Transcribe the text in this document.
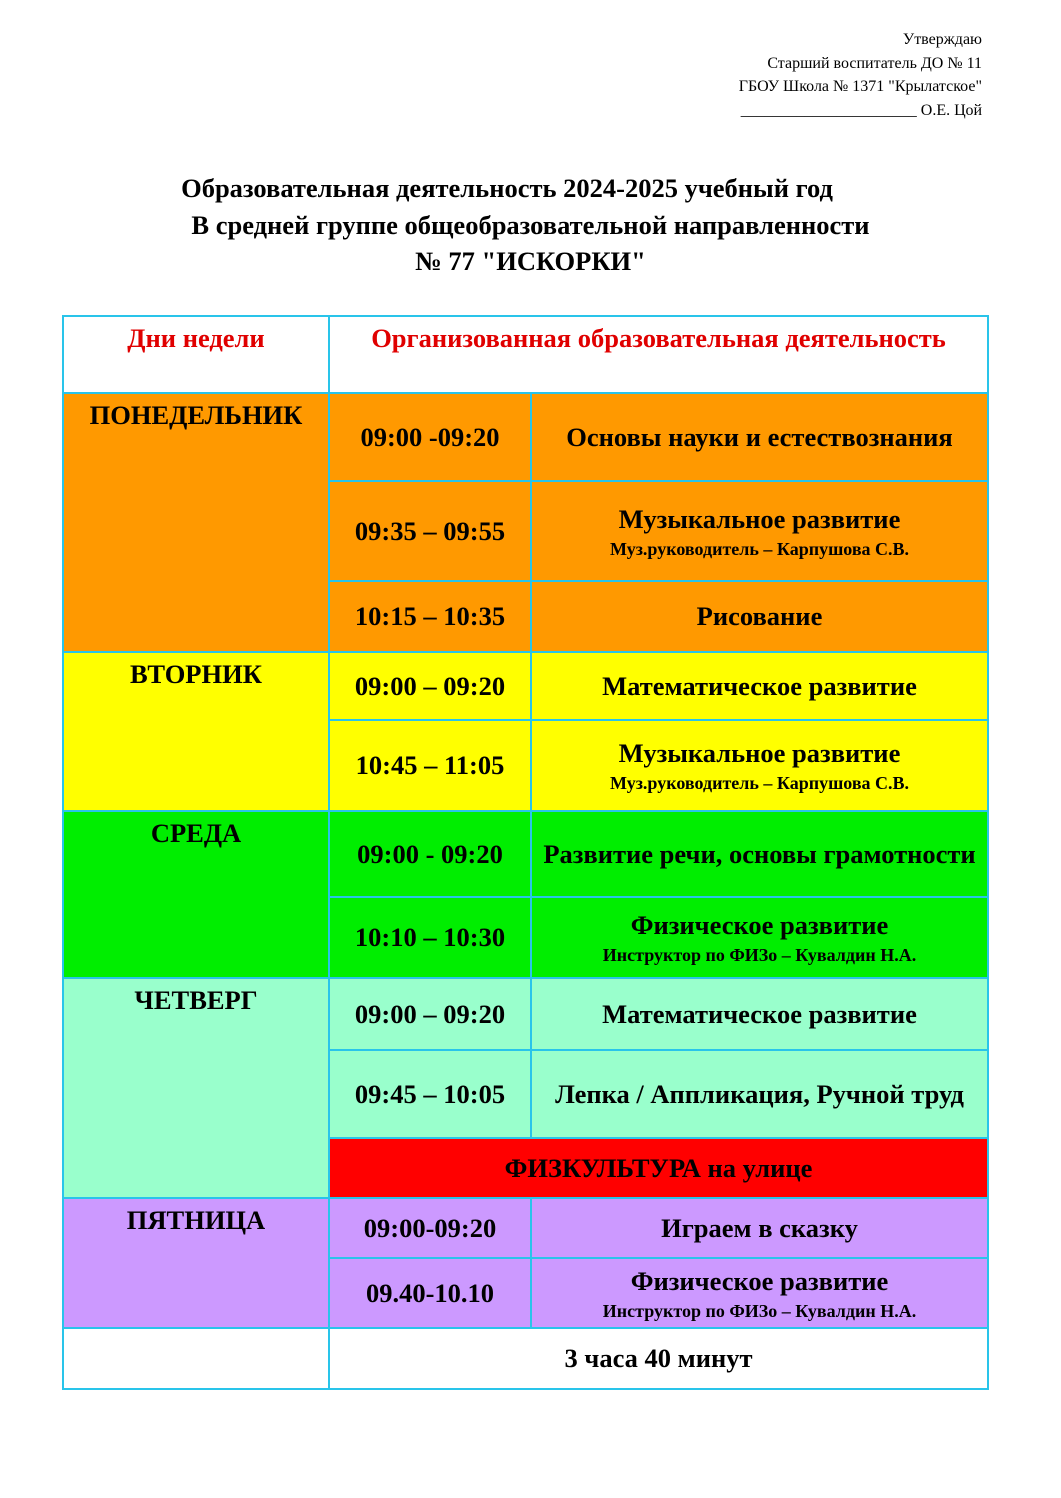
Утверждаю
Старший воспитатель ДО № 11
ГБОУ Школа № 1371 "Крылатское"
______________________ О.Е. Цой
Образовательная деятельность 2024-2025 учебный год
В средней группе общеобразовательной направленности
№ 77 "ИСКОРКИ"
Дни недели	Организованная образовательная деятельность	
ПОНЕДЕЛЬНИК	09:00 -09:20	Основы науки и естествознания
	09:35 – 09:55	Музыкальное развитие
Муз.руководитель – Карпушова С.В.

	10:15 – 10:35	Рисование
ВТОРНИК	09:00 – 09:20	Математическое развитие
	10:45 – 11:05	Музыкальное развитие
Муз.руководитель – Карпушова С.В.

СРЕДА	09:00 - 09:20	Развитие речи, основы грамотности
	10:10 – 10:30	Физическое развитие
Инструктор по ФИЗо – Кувалдин Н.А.

ЧЕТВЕРГ	09:00 – 09:20	Математическое развитие
	09:45 – 10:05	Лепка / Аппликация, Ручной труд
	ФИЗКУЛЬТУРА на улице	
ПЯТНИЦА	09:00-09:20	Играем в сказку
	09.40-10.10	Физическое развитие
Инструктор по ФИЗо – Кувалдин Н.А.

	3 часа 40 минут	
